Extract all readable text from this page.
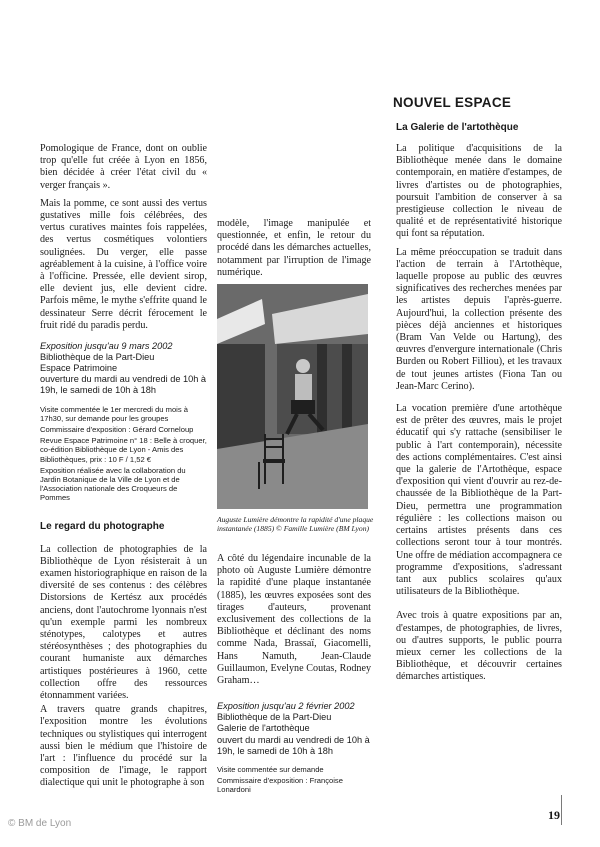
Pomologique de France, dont on oublie trop qu'elle fut créée à Lyon en 1856, bien décidée à créer l'état civil du « verger français ».

Mais la pomme, ce sont aussi des vertus gustatives mille fois célébrées, des vertus curatives maintes fois rappelées, des vertus cosmétiques volontiers soulignées. Du verger, elle passe agréablement à la cuisine, à l'office voire à l'officine. Pressée, elle devient sirop, elle devient jus, elle devient cidre. Parfois même, le mythe s'effrite quand le dessinateur Serre décrit férocement le fruit ridé du paradis perdu.

Exposition jusqu'au 9 mars 2002
Bibliothèque de la Part-Dieu
Espace Patrimoine
ouverture du mardi au vendredi de 10h à 19h, le samedi de 10h à 18h

Visite commentée le 1er mercredi du mois à 17h30, sur demande pour les groupes

Commissaire d'exposition : Gérard Corneloup

Revue Espace Patrimoine n° 18 : Belle à croquer, co-édition Bibliothèque de Lyon - Amis des Bibliothèques, prix : 10 F / 1,52 €

Exposition réalisée avec la collaboration du Jardin Botanique de la Ville de Lyon et de l'Association nationale des Croqueurs de Pommes

Le regard du photographe

La collection de photographies de la Bibliothèque de Lyon résisterait à un examen historiographique en raison de la diversité de ses contenus : des célèbres Distorsions de Kertész aux procédés anciens, dont l'autochrome lyonnais n'est qu'un exemple parmi les nombreux sténotypes, calotypes et autres stéréosynthèses ; des photographies du courant humaniste aux démarches artistiques postérieures à 1960, cette collection offre des ressources étonnamment variées.

A travers quatre grands chapitres, l'exposition montre les évolutions techniques ou stylistiques qui interrogent aussi bien le médium que l'histoire de l'art : l'influence du procédé sur la composition de l'image, le rapport dialectique qui unit le photographe à son

modèle, l'image manipulée et questionnée, et enfin, le retour du procédé dans les démarches actuelles, notamment par l'irruption de l'image numérique.

Auguste Lumière démontre la rapidité d'une plaque instantanée (1885) © Famille Lumière (BM Lyon)

A côté du légendaire incunable de la photo où Auguste Lumière démontre la rapidité d'une plaque instantanée (1885), les œuvres exposées sont des tirages d'auteurs, provenant exclusivement des collections de la Bibliothèque et déclinant des noms comme Nada, Brassaï, Giacomelli, Hans Namuth, Jean-Claude Guillaumon, Evelyne Coutas, Rodney Graham…

Exposition jusqu'au 2 février 2002
Bibliothèque de la Part-Dieu
Galerie de l'artothèque
ouvert du mardi au vendredi de 10h à 19h, le samedi de 10h à 18h

Visite commentée sur demande

Commissaire d'exposition : Françoise Lonardoni

NOUVEL ESPACE
La Galerie de l'artothèque

La politique d'acquisitions de la Bibliothèque menée dans le domaine contemporain, en matière d'estampes, de livres d'artistes ou de photographies, poursuit l'ambition de conserver à sa prestigieuse collection le niveau de qualité et de représentativité historique qui font sa réputation.

La même préoccupation se traduit dans l'action de terrain à l'Artothèque, laquelle propose au public des œuvres significatives des recherches menées par les artistes depuis l'après-guerre. Aujourd'hui, la collection présente des pièces déjà anciennes et historiques (Bram Van Velde ou Hartung), des œuvres d'envergure internationale (Chris Burden ou Robert Filliou), et les travaux de tout jeunes artistes (Fiona Tan ou Jean-Marc Cerino).

La vocation première d'une artothèque est de prêter des œuvres, mais le projet éducatif qui s'y rattache (sensibiliser le public à l'art contemporain), nécessite des actions complémentaires. C'est ainsi que la galerie de l'Artothèque, espace d'exposition qui vient d'ouvrir au rez-de-chaussée de la Bibliothèque de la Part-Dieu, permettra une programmation régulière : les collections maison ou certains artistes présents dans ces collections seront tour à tour montrés. Une offre de médiation accompagnera ce programme d'expositions, s'adressant tant aux publics scolaires qu'aux utilisateurs de la Bibliothèque.

Avec trois à quatre expositions par an, d'estampes, de photographies, de livres, ou d'autres supports, le public pourra mieux cerner les collections de la Bibliothèque, et découvrir certaines démarches artistiques.

© BM de Lyon
19
